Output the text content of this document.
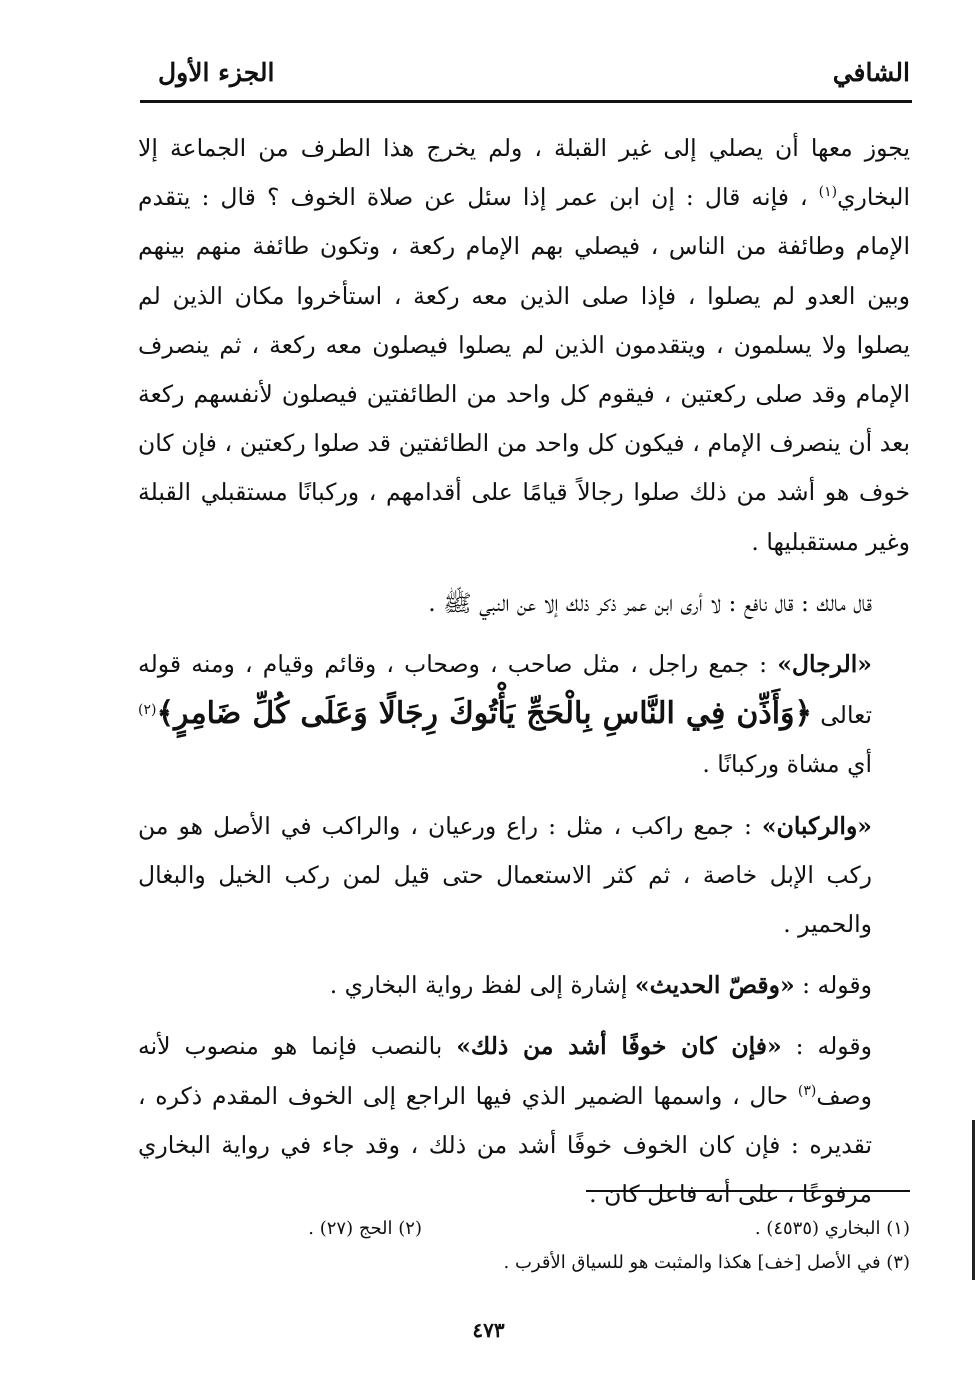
الشافي
الجزء الأول

يجوز معها أن يصلي إلى غير القبلة ، ولم يخرج هذا الطرف من الجماعة إلا البخاري$^{(١)}$ ، فإنه قال : إن ابن عمر إذا سئل عن صلاة الخوف ؟ قال : يتقدم الإمام وطائفة من الناس ، فيصلي بهم الإمام ركعة ، وتكون طائفة منهم بينهم وبين العدو لم يصلوا ، فإذا صلى الذين معه ركعة ، استأخروا مكان الذين لم يصلوا ولا يسلمون ، ويتقدمون الذين لم يصلوا فيصلون معه ركعة ، ثم ينصرف الإمام وقد صلى ركعتين ، فيقوم كل واحد من الطائفتين فيصلون لأنفسهم ركعة بعد أن ينصرف الإمام ، فيكون كل واحد من الطائفتين قد صلوا ركعتين ، فإن كان خوف هو أشد من ذلك صلوا رجالاً قيامًا على أقدامهم ، وركبانًا مستقبلي القبلة وغير مستقبليها .

قال مالك : قال نافع : لا أرى ابن عمر ذكر ذلك إلا عن النبي ﷺ .

«الرجال» : جمع راجل ، مثل صاحب ، وصحاب ، وقائم وقيام ، ومنه قوله تعالى ﴿وَأَذِّن فِي النَّاسِ بِالْحَجِّ يَأْتُوكَ رِجَالًا وَعَلَى كُلِّ ضَامِرٍ﴾$^{(٢)}$ أي مشاة وركبانًا .

«والركبان» : جمع راكب ، مثل : راع ورعيان ، والراكب في الأصل هو من ركب الإبل خاصة ، ثم كثر الاستعمال حتى قيل لمن ركب الخيل والبغال والحمير .

وقوله : «وقصّ الحديث» إشارة إلى لفظ رواية البخاري .

وقوله : «فإن كان خوفًا أشد من ذلك» بالنصب فإنما هو منصوب لأنه وصف$^{(٣)}$ حال ، واسمها الضمير الذي فيها الراجع إلى الخوف المقدم ذكره ، تقديره : فإن كان الخوف خوفًا أشد من ذلك ، وقد جاء في رواية البخاري مرفوعًا ، على أنه فاعل كان .

(١) البخاري (٤٥٣٥) .
(٢) الحج (٢٧) .
(٣) في الأصل [خف] هكذا والمثبت هو للسياق الأقرب .
٤٧٣
